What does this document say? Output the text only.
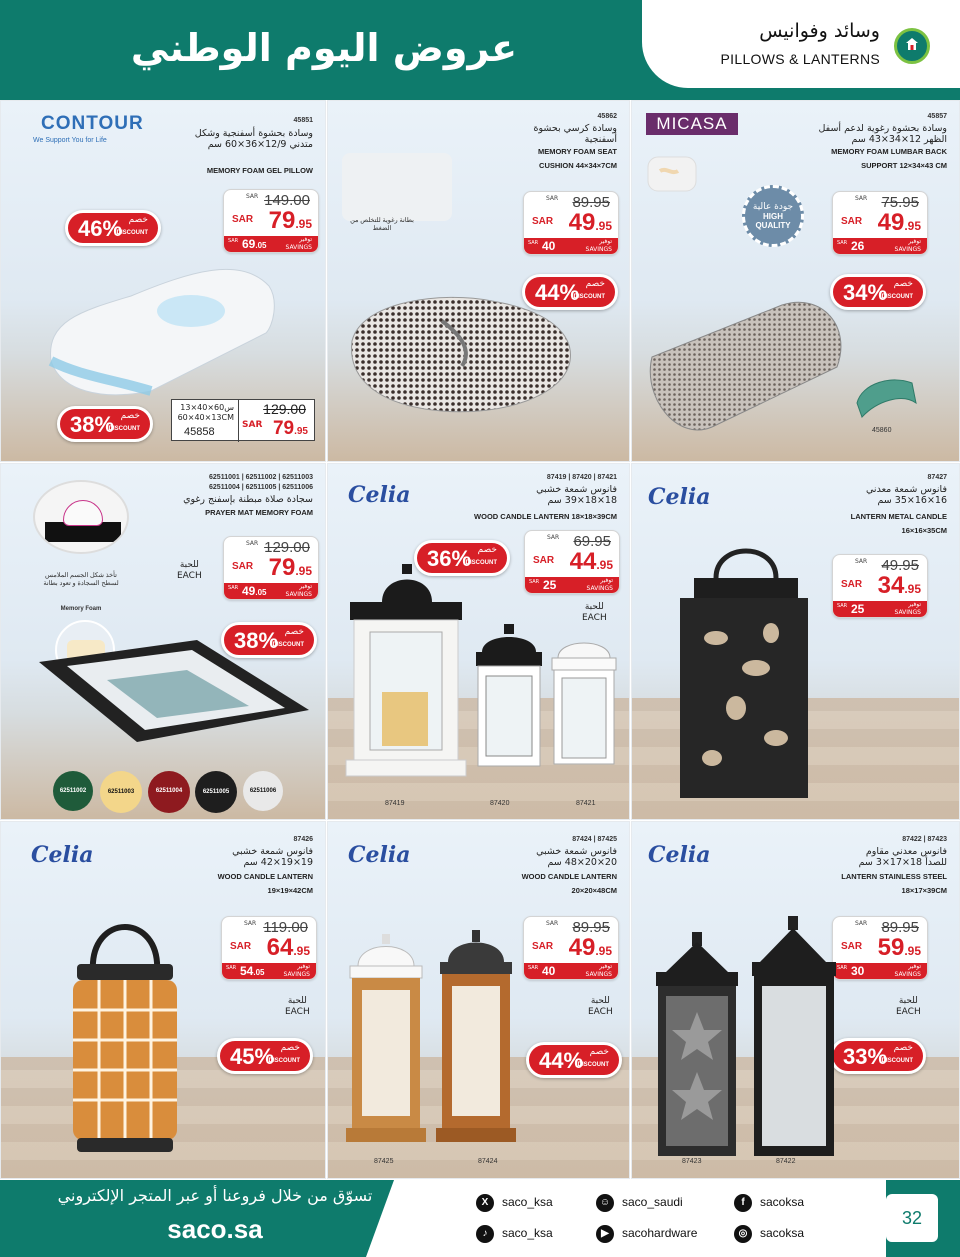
عروض اليوم الوطني	وسائد وفوانيس
PILLOWS & LANTERNS
CONTOUR
We Support You for Life
45851
وسادة بحشوة أسفنجية وشكل متدني 12/9×36×60 سم
MEMORY FOAM GEL PILLOW
SAR 149.00
SAR 79.95
SAR 69.05
توفير
SAVINGS
46% خصم
DISCOUNT
38% خصم
DISCOUNT
13×40×60س
60×40×13CM
45858
129.00
SAR 79.95
45862
وسادة كرسي بحشوة أسفنجية
MEMORY FOAM SEAT CUSHION 44×34×7CM
SAR 89.95
SAR 49.95
SAR 40	توفير
SAVINGS
44% خصم
DISCOUNT
بطانة رغوية للتخلص من الضغط
MICASA	45857
وسادة بحشوة رغوية لدعم أسفل الظهر 12×34×43 سم
MEMORY FOAM LUMBAR BACK SUPPORT 12×34×43 CM
جودة عالية
HIGH QUALITY
SAR 75.95
SAR 49.95
SAR 26	توفير
SAVINGS
34% خصم
DISCOUNT
45860
62511001 | 62511002 | 62511003
62511004 | 62511005 | 62511006
سجادة صلاة مبطنة بإسفنج رغوي
PRAYER MAT MEMORY FOAM
تأخذ شكل الجسم الملامس لسطح السجادة و تعود بطانة
Memory Foam
للحبة
EACH
SAR 129.00
SAR 79.95
SAR 49.05
توفير
SAVINGS
38% خصم
DISCOUNT
62511002	62511003	62511004	62511005	62511006
Celia
87419 | 87420 | 87421
فانوس شمعة خشبي 18×18×39 سم
WOOD CANDLE LANTERN 18×18×39CM
36% خصم
DISCOUNT
SAR 69.95
SAR 44.95
SAR 25	توفير
SAVINGS
للحبة
EACH
87419	87420	87421
Celia
87427
فانوس شمعة معدني 16×16×35 سم
LANTERN METAL CANDLE
16×16×35CM
SAR 49.95
SAR 34.95
SAR 25	توفير
SAVINGS
Celia
87426
فانوس شمعة خشبي 19×19×42 سم
WOOD CANDLE LANTERN
19×19×42CM
SAR 119.00
SAR 64.95
SAR 54.05
توفير
SAVINGS
للحبة
EACH
45% خصم
DISCOUNT
Celia
87424 | 87425
فانوس شمعة خشبي 20×20×48 سم
WOOD CANDLE LANTERN
20×20×48CM
SAR 89.95
SAR 49.95
SAR 40	توفير
SAVINGS
للحبة
EACH
44% خصم
DISCOUNT
87425	87424
Celia
87422 | 87423
فانوس معدني مقاوم للصدأ 18×17×3 سم
LANTERN STAINLESS STEEL
18×17×39CM
SAR 89.95
SAR 59.95
SAR 30	توفير
SAVINGS
للحبة
EACH
33% خصم
DISCOUNT
87423	87422
تسوّق من خلال فروعنا أو عبر المتجر الإلكتروني
saco.sa
X	saco_ksa	☺ saco_saudi	f	sacoksa
♪	saco_ksa	▶	sacohardware	◎	sacoksa
32
